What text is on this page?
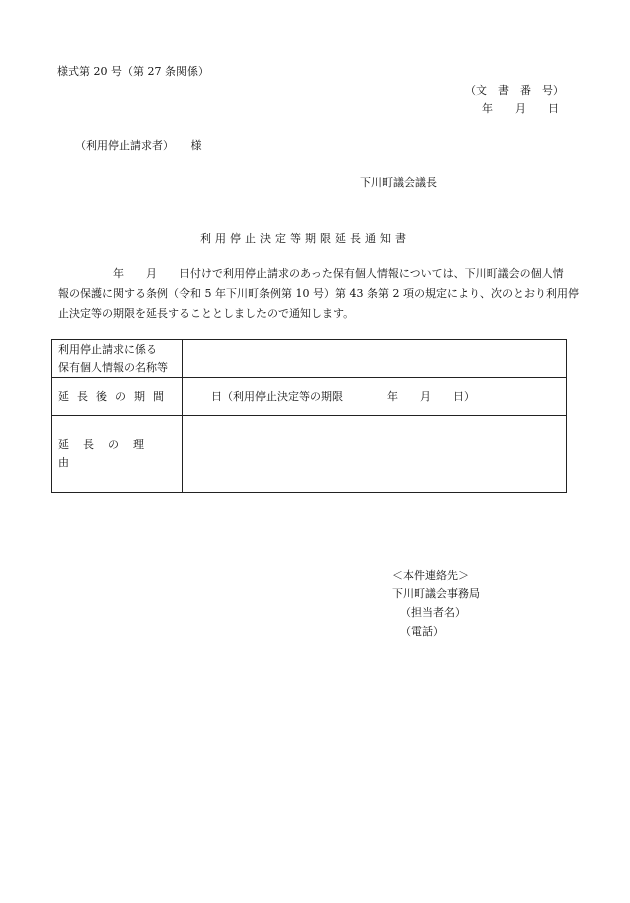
様式第 20 号（第 27 条関係）
（文　書　番　号）
年　　月　　日
（利用停止請求者）　　様
下川町議会議長
利用停止決定等期限延長通知書
年　　月　　日付けで利用停止請求のあった保有個人情報については、下川町議会の個人情
報の保護に関する条例（令和 5 年下川町条例第 10 号）第 43 条第 2 項の規定により、次のとおり利用停
止決定等の期限を延長することとしましたので通知します。
利用停止請求に係る
保有個人情報の名称等	

延長後の期間	日（利用停止決定等の期限　　　　年　　月　　日）
延長の理由	
＜本件連絡先＞
下川町議会事務局
（担当者名）
（電話）
